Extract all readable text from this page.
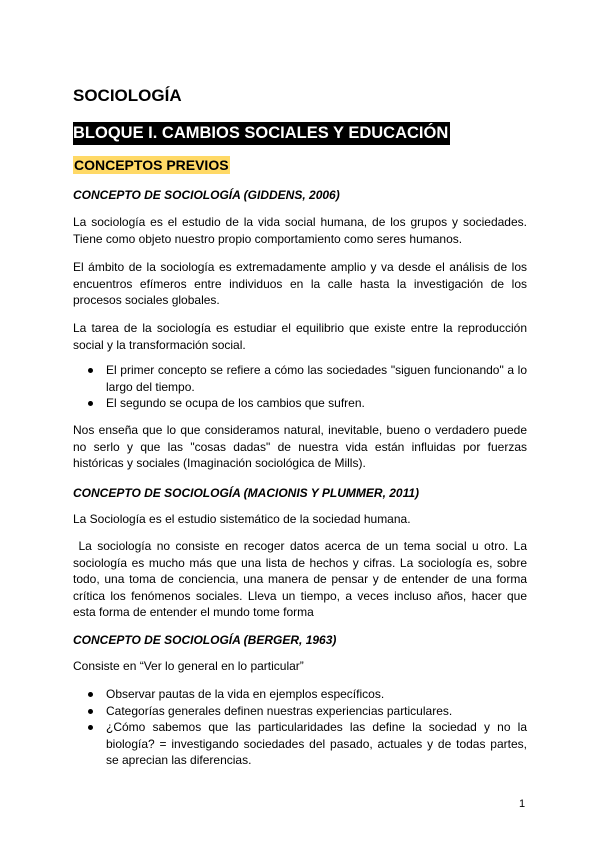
SOCIOLOGÍA
BLOQUE I. CAMBIOS SOCIALES Y EDUCACIÓN
CONCEPTOS PREVIOS
CONCEPTO DE SOCIOLOGÍA (GIDDENS, 2006)

La sociología es el estudio de la vida social humana, de los grupos y sociedades. Tiene como objeto nuestro propio comportamiento como seres humanos.

El ámbito de la sociología es extremadamente amplio y va desde el análisis de los encuentros efímeros entre individuos en la calle hasta la investigación de los procesos sociales globales.

La tarea de la sociología es estudiar el equilibrio que existe entre la reproducción social y la transformación social.

El primer concepto se refiere a cómo las sociedades "siguen funcionando" a lo largo del tiempo.
El segundo se ocupa de los cambios que sufren.

Nos enseña que lo que consideramos natural, inevitable, bueno o verdadero puede no serlo y que las "cosas dadas" de nuestra vida están influidas por fuerzas históricas y sociales (Imaginación sociológica de Mills).

CONCEPTO DE SOCIOLOGÍA (MACIONIS Y PLUMMER, 2011)

La Sociología es el estudio sistemático de la sociedad humana.

La sociología no consiste en recoger datos acerca de un tema social u otro. La sociología es mucho más que una lista de hechos y cifras. La sociología es, sobre todo, una toma de conciencia, una manera de pensar y de entender de una forma crítica los fenómenos sociales. Lleva un tiempo, a veces incluso años, hacer que esta forma de entender el mundo tome forma

CONCEPTO DE SOCIOLOGÍA (BERGER, 1963)

Consiste en “Ver lo general en lo particular”

Observar pautas de la vida en ejemplos específicos.
Categorías generales definen nuestras experiencias particulares.
¿Cómo sabemos que las particularidades las define la sociedad y no la biología? = investigando sociedades del pasado, actuales y de todas partes, se aprecian las diferencias.

1
